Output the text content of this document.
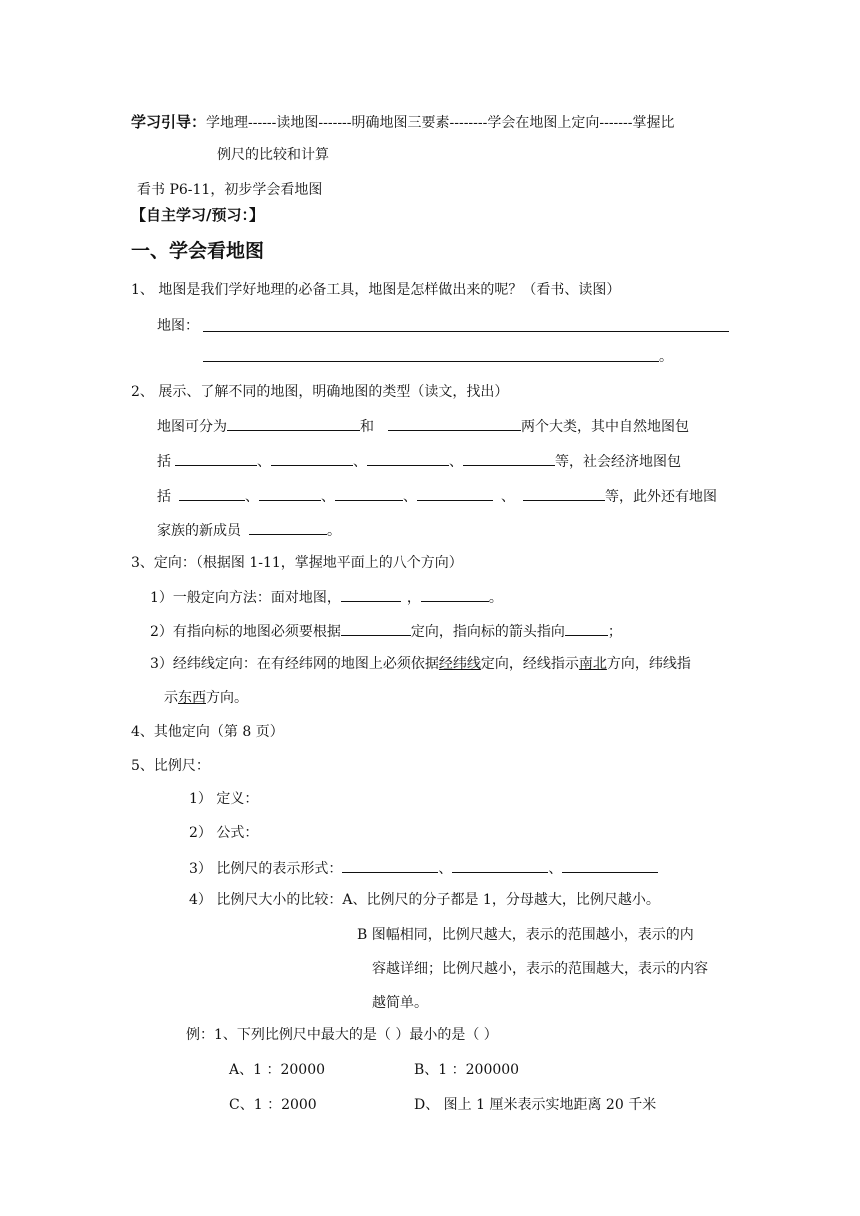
学习引导：学地理------读地图-------明确地图三要素--------学会在地图上定向-------掌握比
例尺的比较和计算
看书 P6-11，初步学会看地图
【自主学习/预习：】
一、学会看地图
1、 地图是我们学好地理的必备工具，地图是怎样做出来的呢？（看书、读图）
地图：
。
2、 展示、了解不同的地图，明确地图的类型（读文，找出）
地图可分为	和	两个大类，其中自然地图包
括	、	、	、	等，社会经济地图包
括	、	、	、	、	等，此外还有地图
家族的新成员	。
3、定向：（根据图 1-11，掌握地平面上的八个方向）
1）一般定向方法：面对地图，	，	。
2）有指向标的地图必须要根据	定向，指向标的箭头指向	；
3）经纬线定向：在有经纬网的地图上必须依据经纬线定向，经线指示南北方向，纬线指
示东西方向。
4、其他定向（第 8 页）
5、比例尺：
1） 定义：
2） 公式：
3） 比例尺的表示形式：	、	、
4） 比例尺大小的比较：A、比例尺的分子都是 1，分母越大，比例尺越小。
B 图幅相同，比例尺越大，表示的范围越小，表示的内
容越详细；比例尺越小，表示的范围越大，表示的内容
越简单。
例：1、下列比例尺中最大的是（ ）最小的是（ ）
A、1 ：20000	B、1 ：200000
C、1 ：2000	D、 图上 1 厘米表示实地距离 20 千米
